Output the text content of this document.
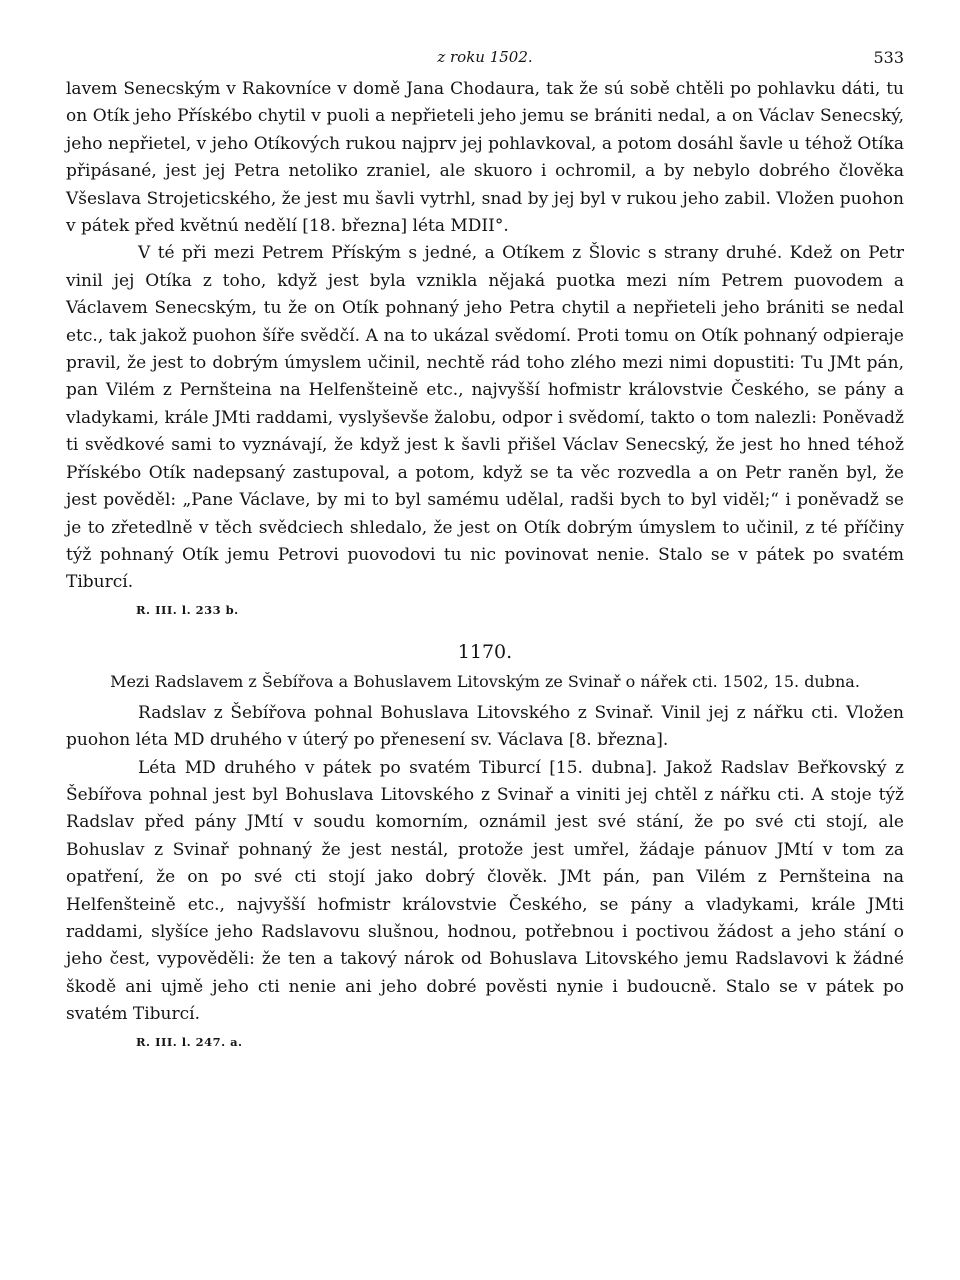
z roku 1502.	533

lavem Senecským v Rakovníce v domě Jana Chodaura, tak že sú sobě chtěli po pohlavku dáti, tu on Otík jeho Přískébo chytil v puoli a nepřieteli jeho jemu se brániti nedal, a on Václav Senecský, jeho nepřietel, v jeho Otíkových rukou najprv jej pohlavkoval, a potom dosáhl šavle u téhož Otíka připásané, jest jej Petra netoliko zraniel, ale skuoro i ochromil, a by nebylo dobrého člověka Všeslava Strojeticského, že jest mu šavli vytrhl, snad by jej byl v rukou jeho zabil. Vložen puohon v pátek před květnú nedělí [18. března] léta MDII°.

V té při mezi Petrem Příským s jedné, a Otíkem z Šlovic s strany druhé. Kdež on Petr vinil jej Otíka z toho, když jest byla vznikla nějaká puotka mezi ním Petrem puovodem a Václavem Senecským, tu že on Otík pohnaný jeho Petra chytil a nepřieteli jeho brániti se nedal etc., tak jakož puohon šíře svědčí. A na to ukázal svědomí. Proti tomu on Otík pohnaný odpieraje pravil, že jest to dobrým úmyslem učinil, nechtě rád toho zlého mezi nimi dopustiti: Tu JMt pán, pan Vilém z Pernšteina na Helfenšteině etc., najvyšší hofmistr královstvie Českého, se pány a vladykami, krále JMti raddami, vyslyševše žalobu, odpor i svědomí, takto o tom nalezli: Poněvadž ti svědkové sami to vyznávají, že když jest k šavli přišel Václav Senecský, že jest ho hned téhož Přískébo Otík nadepsaný zastupoval, a potom, když se ta věc rozvedla a on Petr raněn byl, že jest pověděl: „Pane Václave, by mi to byl samému udělal, radši bych to byl viděl;“ i poněvadž se je to zřetedlně v těch svědciech shledalo, že jest on Otík dobrým úmyslem to učinil, z té příčiny týž pohnaný Otík jemu Petrovi puovodovi tu nic povinovat nenie. Stalo se v pátek po svatém Tiburcí.

R. III. l. 233 b.
1170.
Mezi Radslavem z Šebířova a Bohuslavem Litovským ze Svinař o nářek cti. 1502, 15. dubna.

Radslav z Šebířova pohnal Bohuslava Litovského z Svinař. Vinil jej z nářku cti. Vložen puohon léta MD druhého v úterý po přenesení sv. Václava [8. března].

Léta MD druhého v pátek po svatém Tiburcí [15. dubna]. Jakož Radslav Beřkovský z Šebířova pohnal jest byl Bohuslava Litovského z Svinař a viniti jej chtěl z nářku cti. A stoje týž Radslav před pány JMtí v soudu komorním, oznámil jest své stání, že po své cti stojí, ale Bohuslav z Svinař pohnaný že jest nestál, protože jest umřel, žádaje pánuov JMtí v tom za opatření, že on po své cti stojí jako dobrý člověk. JMt pán, pan Vilém z Pernšteina na Helfenšteině etc., najvyšší hofmistr královstvie Českého, se pány a vladykami, krále JMti raddami, slyšíce jeho Radslavovu slušnou, hodnou, potřebnou i poctivou žádost a jeho stání o jeho čest, vypověděli: že ten a takový nárok od Bohuslava Litovského jemu Radslavovi k žádné škodě ani ujmě jeho cti nenie ani jeho dobré pověsti nynie i budoucně. Stalo se v pátek po svatém Tiburcí.

R. III. l. 247. a.
